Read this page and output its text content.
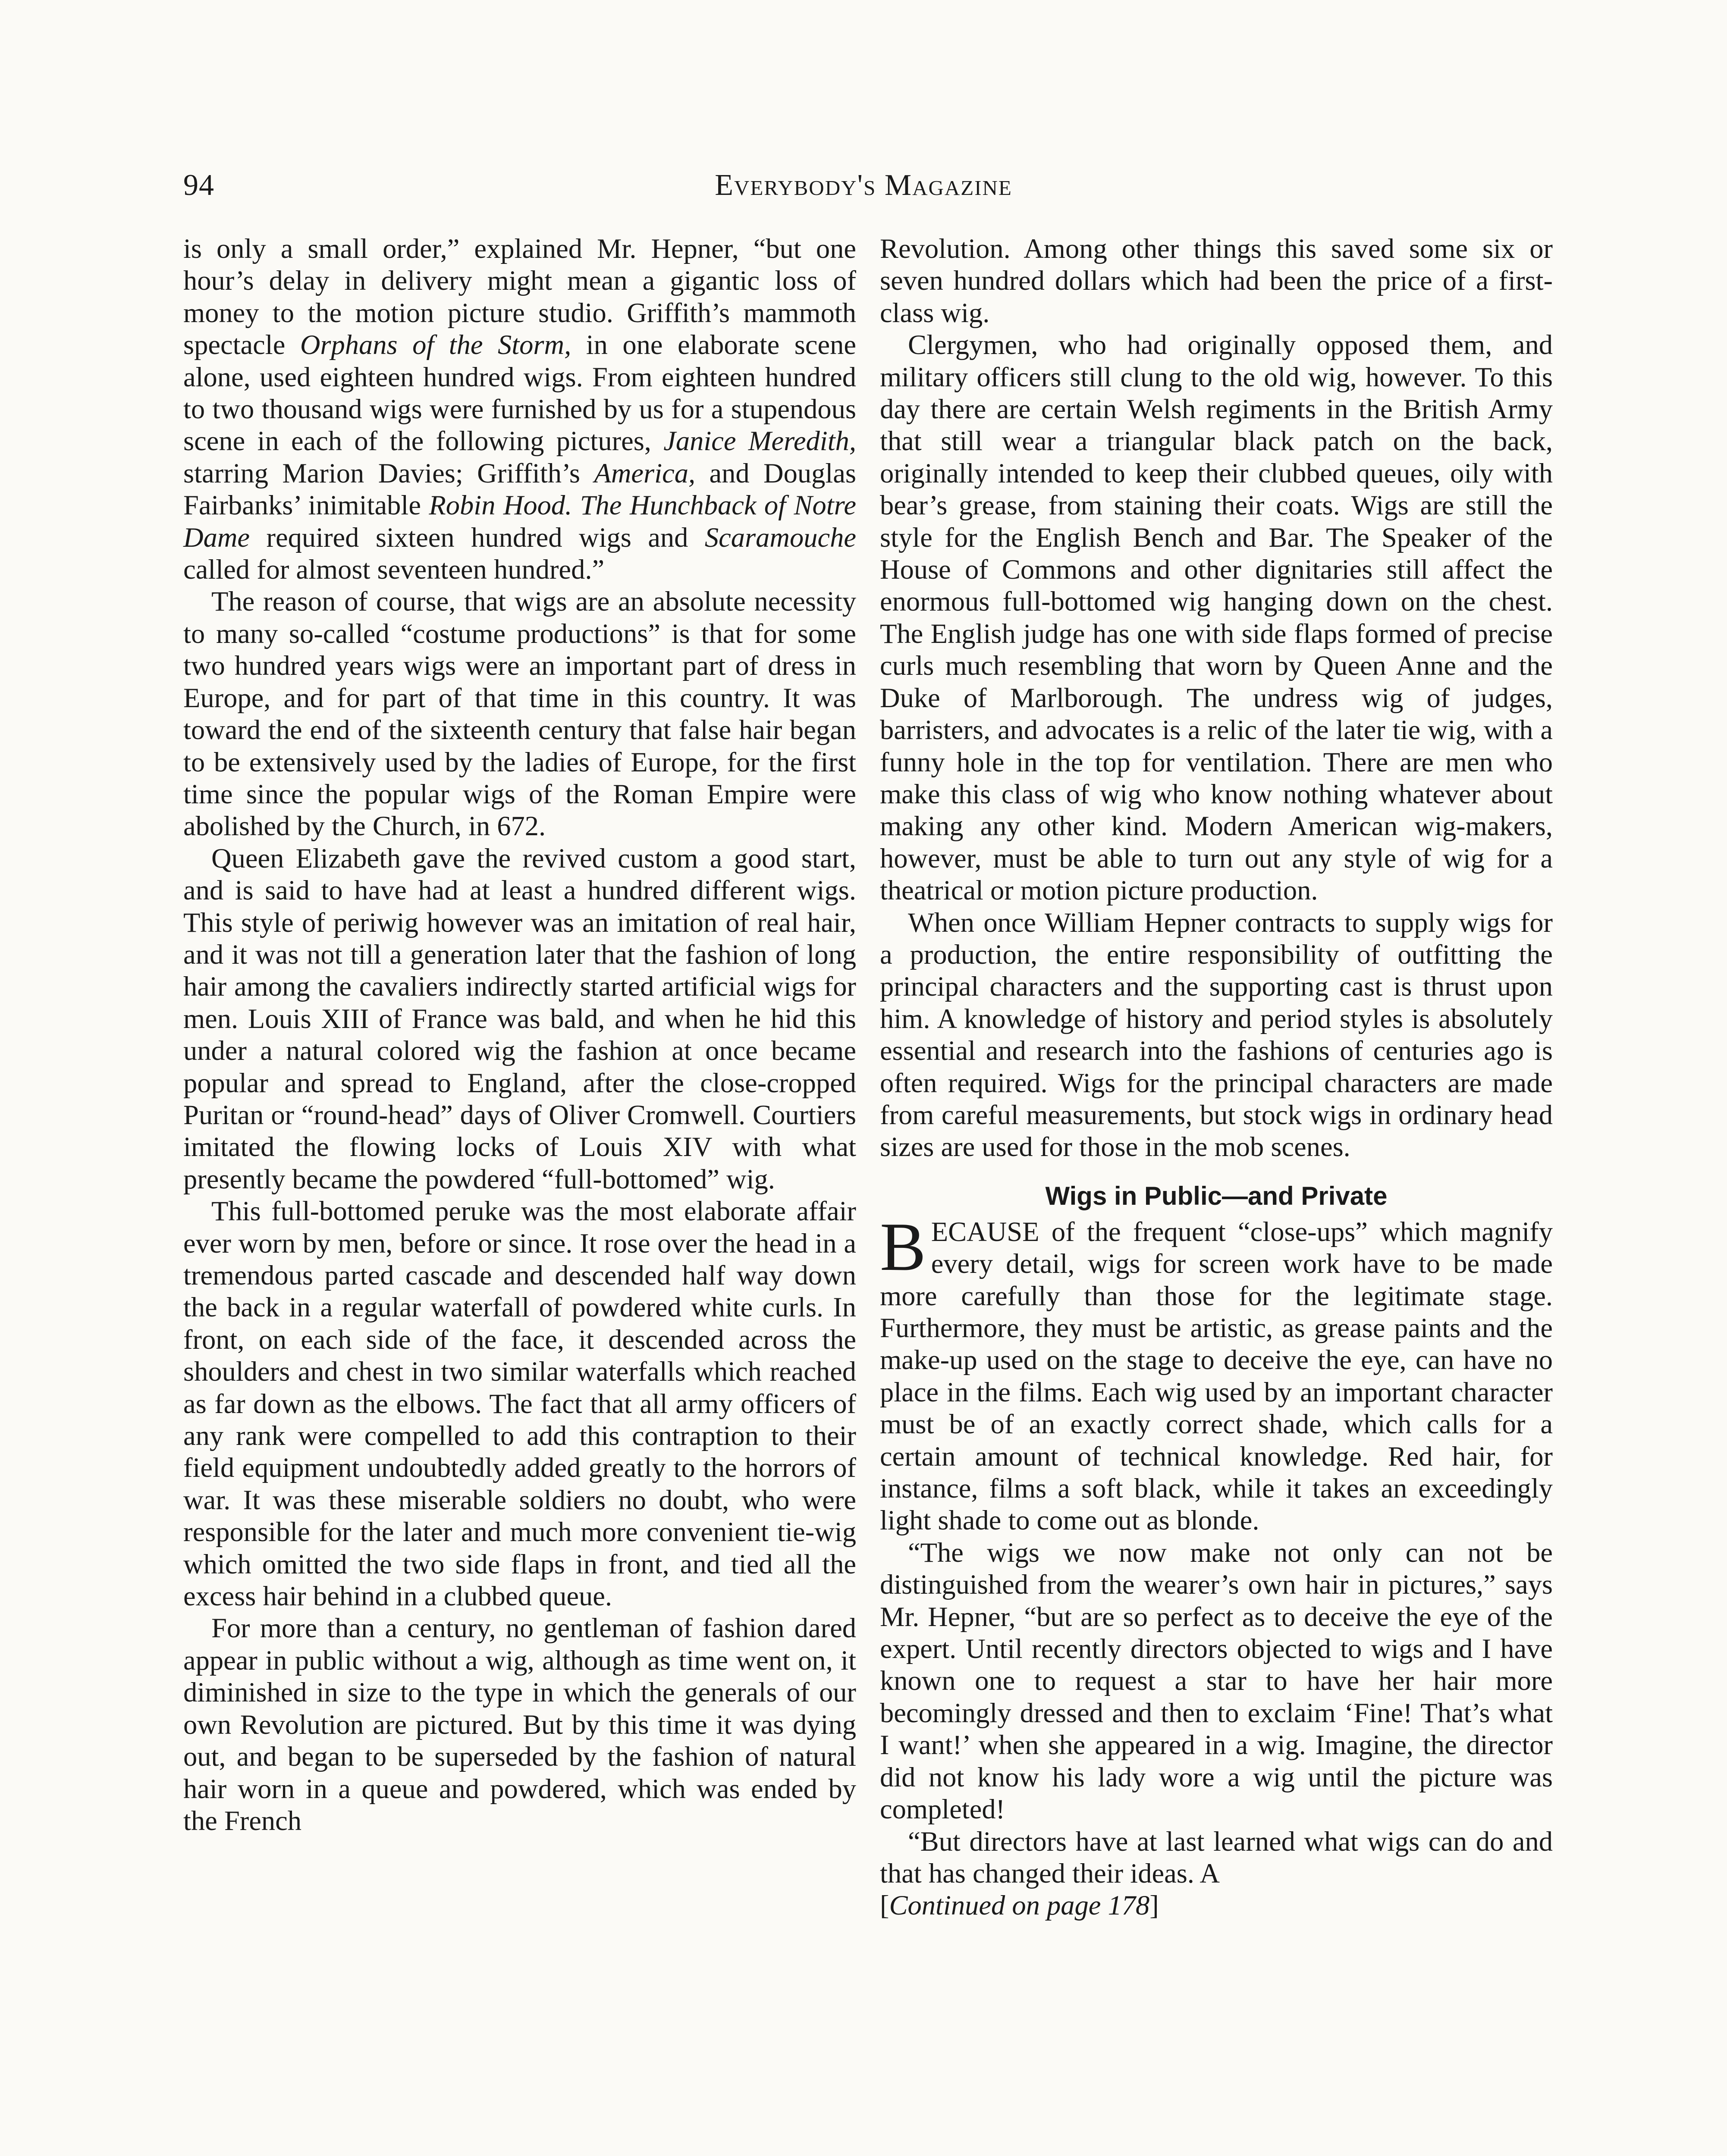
94	Everybody's Magazine

is only a small order,” explained Mr. Hepner, “but one hour’s delay in delivery might mean a gigantic loss of money to the motion picture studio. Griffith’s mammoth spectacle Orphans of the Storm, in one elaborate scene alone, used eighteen hundred wigs. From eighteen hundred to two thousand wigs were furnished by us for a stupendous scene in each of the following pictures, Janice Meredith, starring Marion Davies; Griffith’s America, and Douglas Fairbanks’ inimitable Robin Hood. The Hunchback of Notre Dame required sixteen hundred wigs and Scaramouche called for almost seventeen hundred.”

The reason of course, that wigs are an absolute necessity to many so-called “costume productions” is that for some two hundred years wigs were an important part of dress in Europe, and for part of that time in this country. It was toward the end of the sixteenth century that false hair began to be extensively used by the ladies of Europe, for the first time since the popular wigs of the Roman Empire were abolished by the Church, in 672.

Queen Elizabeth gave the revived custom a good start, and is said to have had at least a hundred different wigs. This style of periwig however was an imitation of real hair, and it was not till a generation later that the fashion of long hair among the cavaliers indirectly started artificial wigs for men. Louis XIII of France was bald, and when he hid this under a natural colored wig the fashion at once became popular and spread to England, after the close-cropped Puritan or “round-head” days of Oliver Cromwell. Courtiers imitated the flowing locks of Louis XIV with what presently became the powdered “full-bottomed” wig.

This full-bottomed peruke was the most elaborate affair ever worn by men, before or since. It rose over the head in a tremendous parted cascade and descended half way down the back in a regular waterfall of powdered white curls. In front, on each side of the face, it descended across the shoulders and chest in two similar waterfalls which reached as far down as the elbows. The fact that all army officers of any rank were compelled to add this contraption to their field equipment undoubtedly added greatly to the horrors of war. It was these miserable soldiers no doubt, who were responsible for the later and much more convenient tie-wig which omitted the two side flaps in front, and tied all the excess hair behind in a clubbed queue.

For more than a century, no gentleman of fashion dared appear in public without a wig, although as time went on, it diminished in size to the type in which the generals of our own Revolution are pictured. But by this time it was dying out, and began to be superseded by the fashion of natural hair worn in a queue and powdered, which was ended by the French

Revolution. Among other things this saved some six or seven hundred dollars which had been the price of a first-class wig.

Clergymen, who had originally opposed them, and military officers still clung to the old wig, however. To this day there are certain Welsh regiments in the British Army that still wear a triangular black patch on the back, originally intended to keep their clubbed queues, oily with bear’s grease, from staining their coats. Wigs are still the style for the English Bench and Bar. The Speaker of the House of Commons and other dignitaries still affect the enormous full-bottomed wig hanging down on the chest. The English judge has one with side flaps formed of precise curls much resembling that worn by Queen Anne and the Duke of Marlborough. The undress wig of judges, barristers, and advocates is a relic of the later tie wig, with a funny hole in the top for ventilation. There are men who make this class of wig who know nothing whatever about making any other kind. Modern American wig-makers, however, must be able to turn out any style of wig for a theatrical or motion picture production.

When once William Hepner contracts to supply wigs for a production, the entire responsibility of outfitting the principal characters and the supporting cast is thrust upon him. A knowledge of history and period styles is absolutely essential and research into the fashions of centuries ago is often required. Wigs for the principal characters are made from careful measurements, but stock wigs in ordinary head sizes are used for those in the mob scenes.

Wigs in Public—and Private

BECAUSE of the frequent “close-ups” which magnify every detail, wigs for screen work have to be made more carefully than those for the legitimate stage. Furthermore, they must be artistic, as grease paints and the make-up used on the stage to deceive the eye, can have no place in the films. Each wig used by an important character must be of an exactly correct shade, which calls for a certain amount of technical knowledge. Red hair, for instance, films a soft black, while it takes an exceedingly light shade to come out as blonde.

“The wigs we now make not only can not be distinguished from the wearer’s own hair in pictures,” says Mr. Hepner, “but are so perfect as to deceive the eye of the expert. Until recently directors objected to wigs and I have known one to request a star to have her hair more becomingly dressed and then to exclaim ‘Fine! That’s what I want!’ when she appeared in a wig. Imagine, the director did not know his lady wore a wig until the picture was completed!

“But directors have at last learned what wigs can do and that has changed their ideas. A

[Continued on page 178]
